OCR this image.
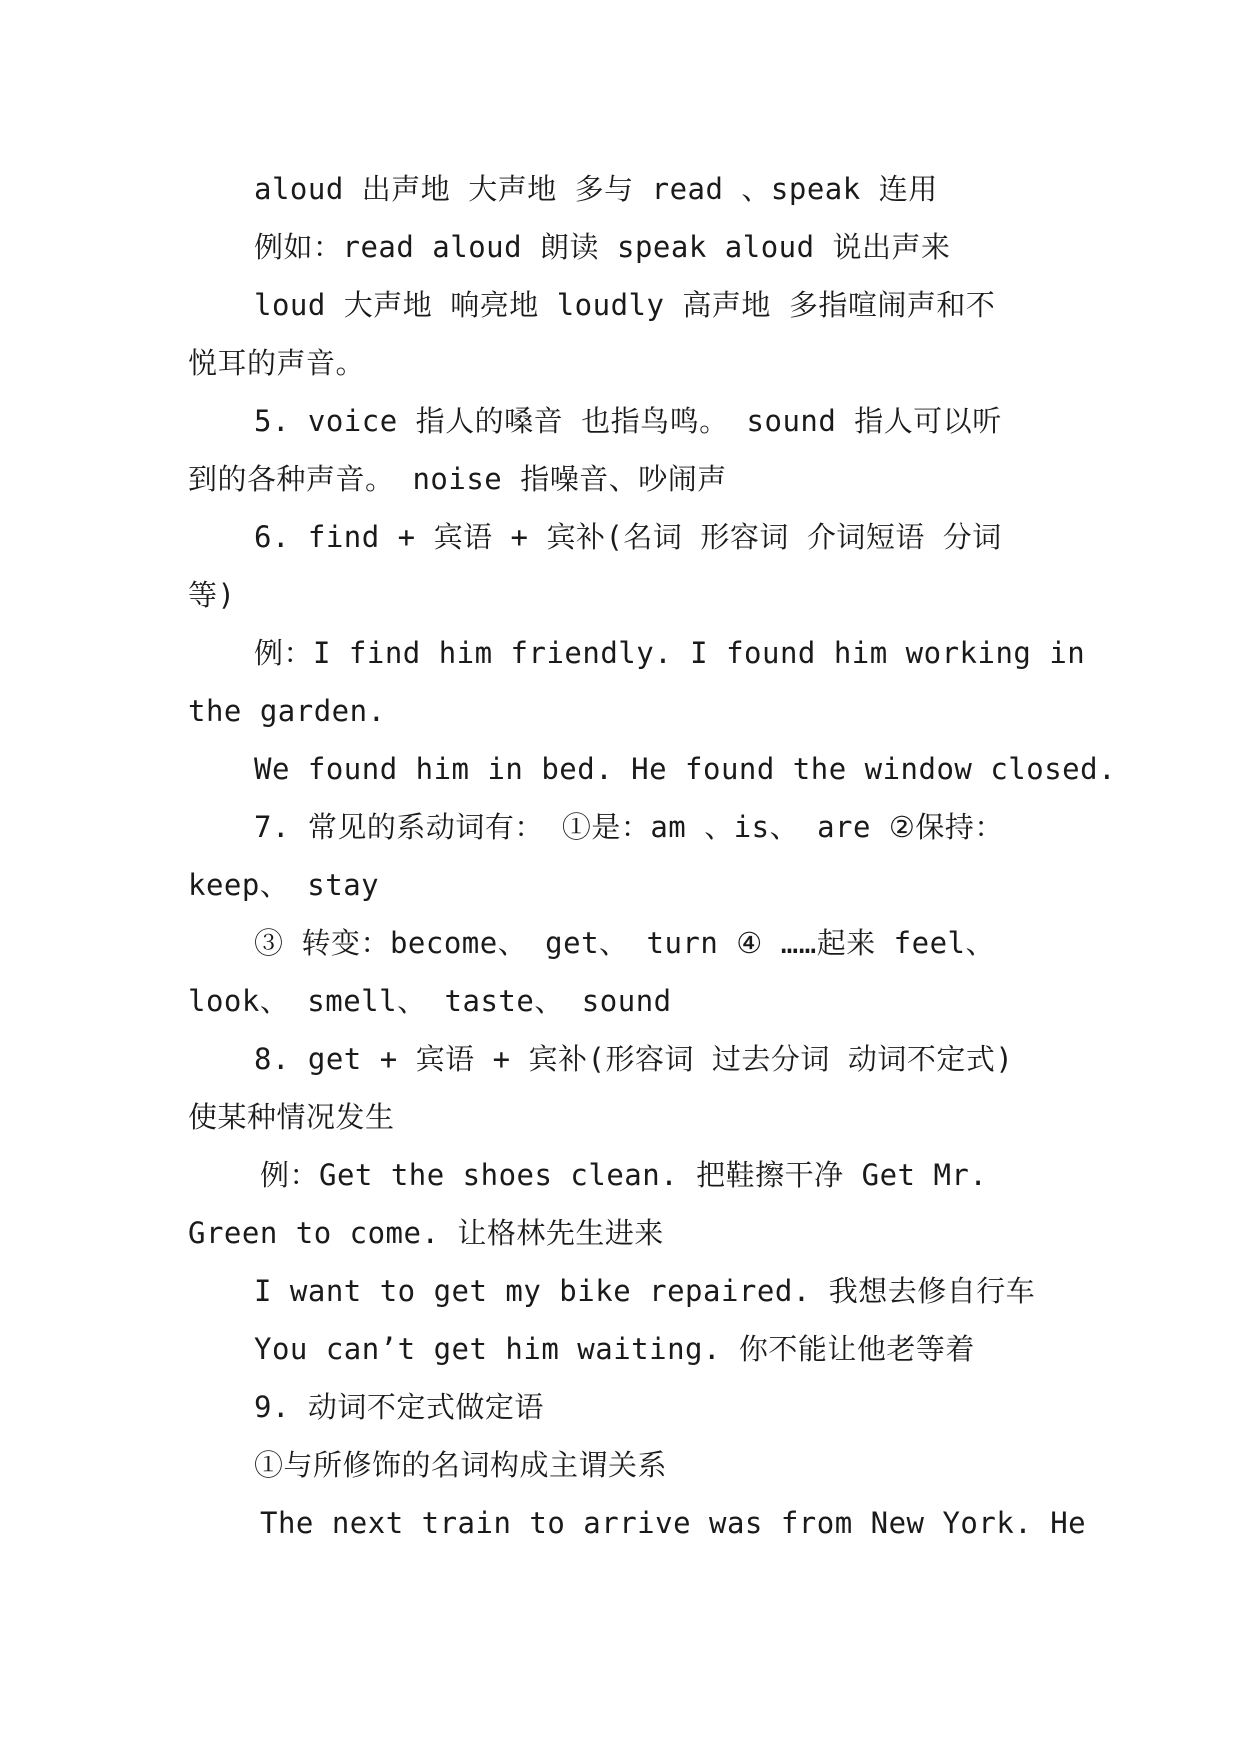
aloud 出声地 大声地 多与 read 、speak 连用
例如：read aloud 朗读 speak aloud 说出声来
loud 大声地 响亮地 loudly 高声地 多指喧闹声和不
悦耳的声音。
5. voice 指人的嗓音 也指鸟鸣。 sound 指人可以听
到的各种声音。 noise 指噪音、吵闹声
6. find + 宾语 + 宾补(名词 形容词 介词短语 分词
等)
例：I find him friendly. I found him working in
the garden.
We found him in bed. He found the window closed.
7. 常见的系动词有： ①是：am 、is、 are ②保持：
keep、 stay
③ 转变：become、 get、 turn ④ ……起来 feel、
look、 smell、 taste、 sound
8. get + 宾语 + 宾补(形容词 过去分词 动词不定式)
使某种情况发生
例：Get the shoes clean. 把鞋擦干净 Get Mr.
Green to come. 让格林先生进来
I want to get my bike repaired. 我想去修自行车
You can’t get him waiting. 你不能让他老等着
9. 动词不定式做定语
①与所修饰的名词构成主谓关系
The next train to arrive was from New York. He
